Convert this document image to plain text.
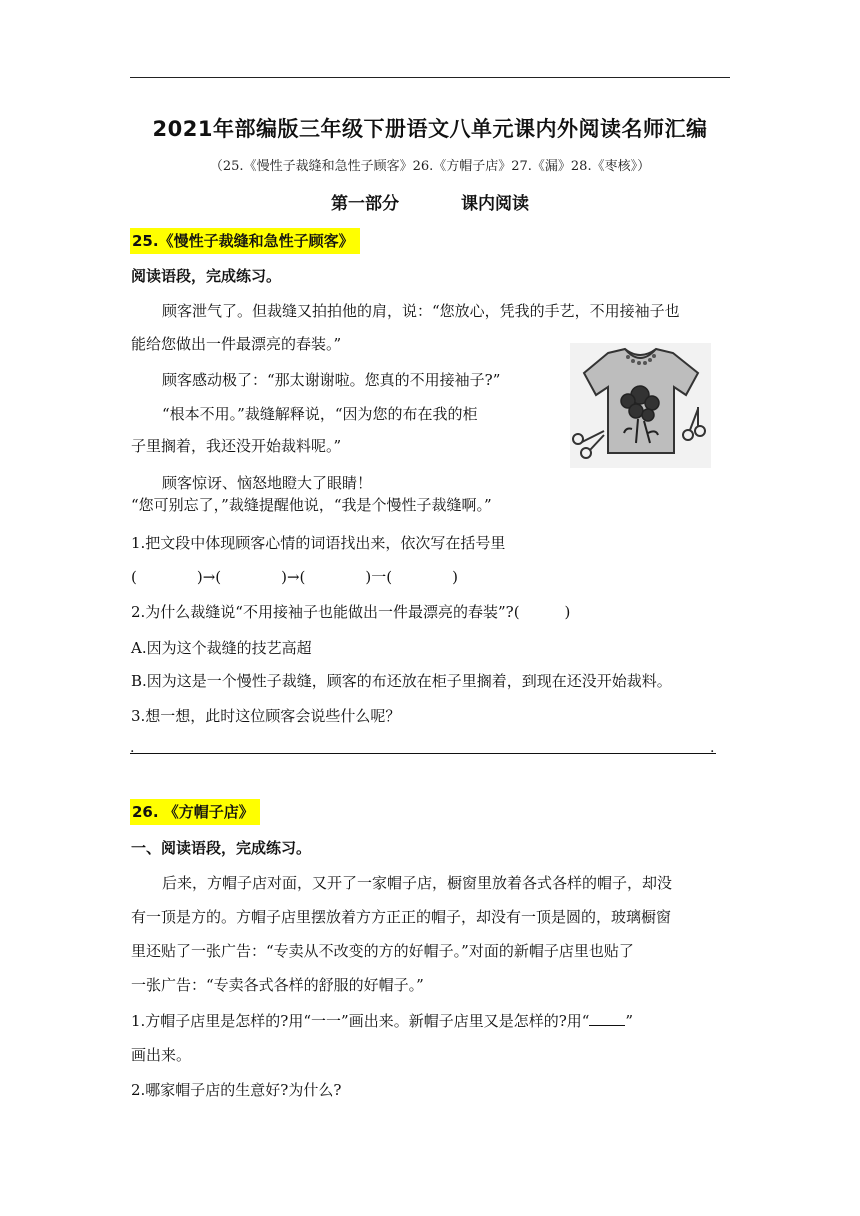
2021年部编版三年级下册语文八单元课内外阅读名师汇编
（25.《慢性子裁缝和急性子顾客》26.《方帽子店》27.《漏》28.《枣核》）
第一部分	课内阅读
25.《慢性子裁缝和急性子顾客》
阅读语段，完成练习。
顾客泄气了。但裁缝又拍拍他的肩，说：“您放心，凭我的手艺，不用接袖子也
能给您做出一件最漂亮的春装。”
顾客感动极了：“那太谢谢啦。您真的不用接袖子?”
“根本不用。”裁缝解释说，“因为您的布在我的柜
子里搁着，我还没开始裁料呢。”
顾客惊讶、恼怒地瞪大了眼睛！
“您可别忘了，”裁缝提醒他说，“我是个慢性子裁缝啊。”
1.把文段中体现顾客心情的词语找出来，依次写在括号里
(　　　　)→(　　　　)→(　　　　)一(　　　　)
2.为什么裁缝说“不用接袖子也能做出一件最漂亮的春装”?(　　　)
A.因为这个裁缝的技艺高超
B.因为这是一个慢性子裁缝，顾客的布还放在柜子里搁着，到现在还没开始裁料。
3.想一想，此时这位顾客会说些什么呢？
.	.
26. 《方帽子店》
一、阅读语段，完成练习。
后来，方帽子店对面，又开了一家帽子店，橱窗里放着各式各样的帽子，却没
有一顶是方的。方帽子店里摆放着方方正正的帽子，却没有一顶是圆的，玻璃橱窗
里还贴了一张广告：“专卖从不改变的方的好帽子。”对面的新帽子店里也贴了
一张广告：“专卖各式各样的舒服的好帽子。”
1.方帽子店里是怎样的?用“一一”画出来。新帽子店里又是怎样的?用“ ”
画出来。
2.哪家帽子店的生意好?为什么?
